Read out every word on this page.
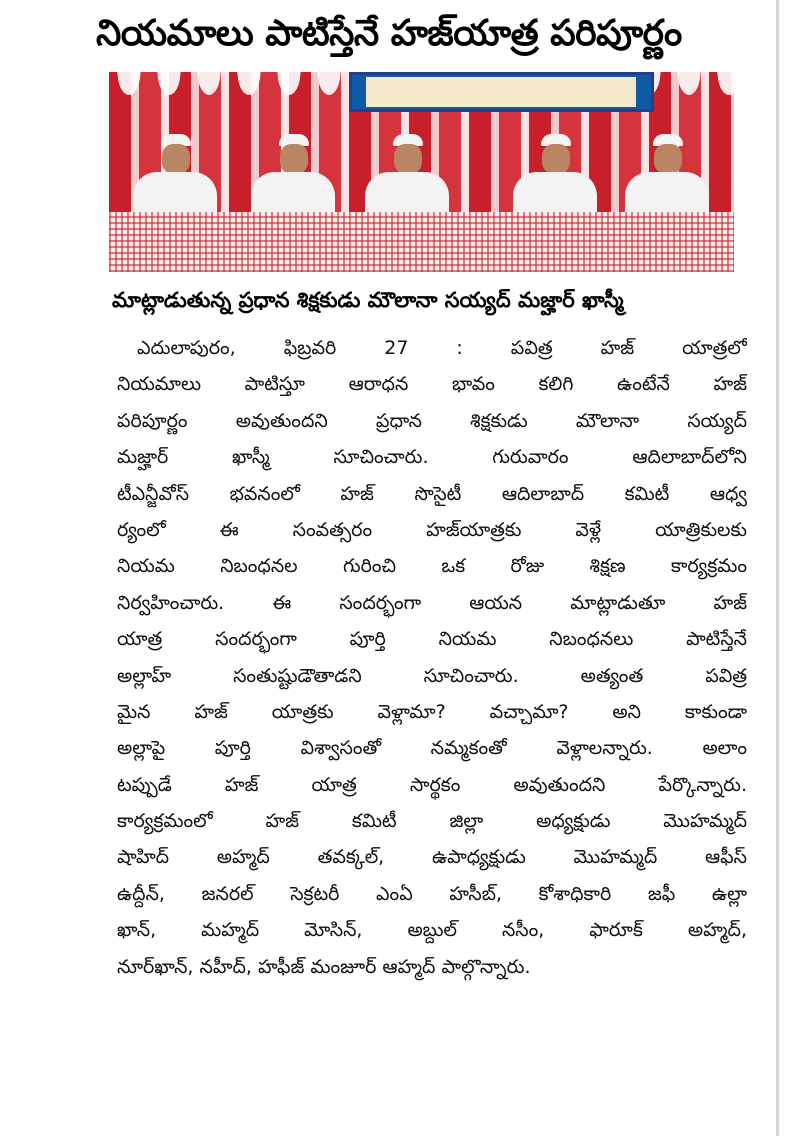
నియమాలు పాటిస్తేనే హజ్‌యాత్ర పరిపూర్ణం

మాట్లాడుతున్న ప్రధాన శిక్షకుడు మౌలానా సయ్యద్ మజ్హార్ ఖాస్మీ

ఎదులాపురం, ఫిబ్రవరి 27 : పవిత్ర హజ్ యాత్రలో
నియమాలు పాటిస్తూ ఆరాధన భావం కలిగి ఉంటేనే హజ్
పరిపూర్ణం అవుతుందని ప్రధాన శిక్షకుడు మౌలానా సయ్యద్
మజ్హార్ ఖాస్మీ సూచించారు. గురువారం ఆదిలాబాద్‌లోని
టీఎన్జీవోస్ భవనంలో హజ్ సొసైటీ ఆదిలాబాద్ కమిటీ ఆధ్వ
ర్యంలో ఈ సంవత్సరం హజ్‌యాత్రకు వెళ్లే యాత్రికులకు
నియమ నిబంధనల గురించి ఒక రోజు శిక్షణ కార్యక్రమం
నిర్వహించారు. ఈ సందర్భంగా ఆయన మాట్లాడుతూ హజ్
యాత్ర సందర్భంగా పూర్తి నియమ నిబంధనలు పాటిస్తేనే
అల్లాహ్ సంతుష్టుడౌతాడని సూచించారు. అత్యంత పవిత్ర
మైన హజ్ యాత్రకు వెళ్లామా? వచ్చామా? అని కాకుండా
అల్లాపై పూర్తి విశ్వాసంతో నమ్మకంతో వెళ్లాలన్నారు. అలాం
టప్పుడే హజ్ యాత్ర సార్థకం అవుతుందని పేర్కొన్నారు.
కార్యక్రమంలో హజ్ కమిటీ జిల్లా అధ్యక్షుడు మొహమ్మద్
షాహిద్ అహ్మద్ తవక్కల్, ఉపాధ్యక్షుడు మొహమ్మద్ ఆఫీస్
ఉద్దీన్, జనరల్ సెక్రటరీ ఎంఏ హసీబ్, కోశాధికారి జఫీ ఉల్లా
ఖాన్, మహ్మద్ మోసిన్, అబ్దుల్ నసీం, ఫారూక్ అహ్మద్,
నూర్‌ఖాన్, నహీద్, హఫీజ్ మంజూర్ ఆహ్మద్ పాల్గొన్నారు.
